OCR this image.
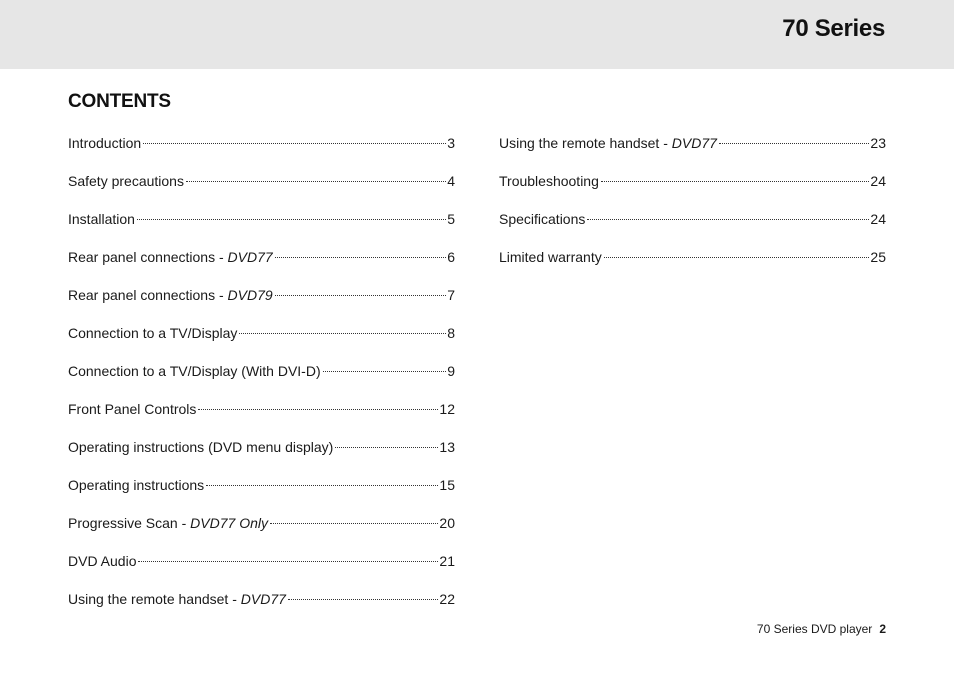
70 Series
CONTENTS
Introduction	3
Safety precautions	4
Installation	5
Rear panel connections - DVD77	6
Rear panel connections - DVD79	7
Connection to a TV/Display	8
Connection to a TV/Display (With DVI-D)	9
Front Panel Controls	12
Operating instructions (DVD menu display)	13
Operating instructions	15
Progressive Scan - DVD77 Only	20
DVD Audio	21
Using the remote handset - DVD77	22
Using the remote handset - DVD77	23
Troubleshooting	24
Specifications	24
Limited warranty	25
70 Series DVD player 2
